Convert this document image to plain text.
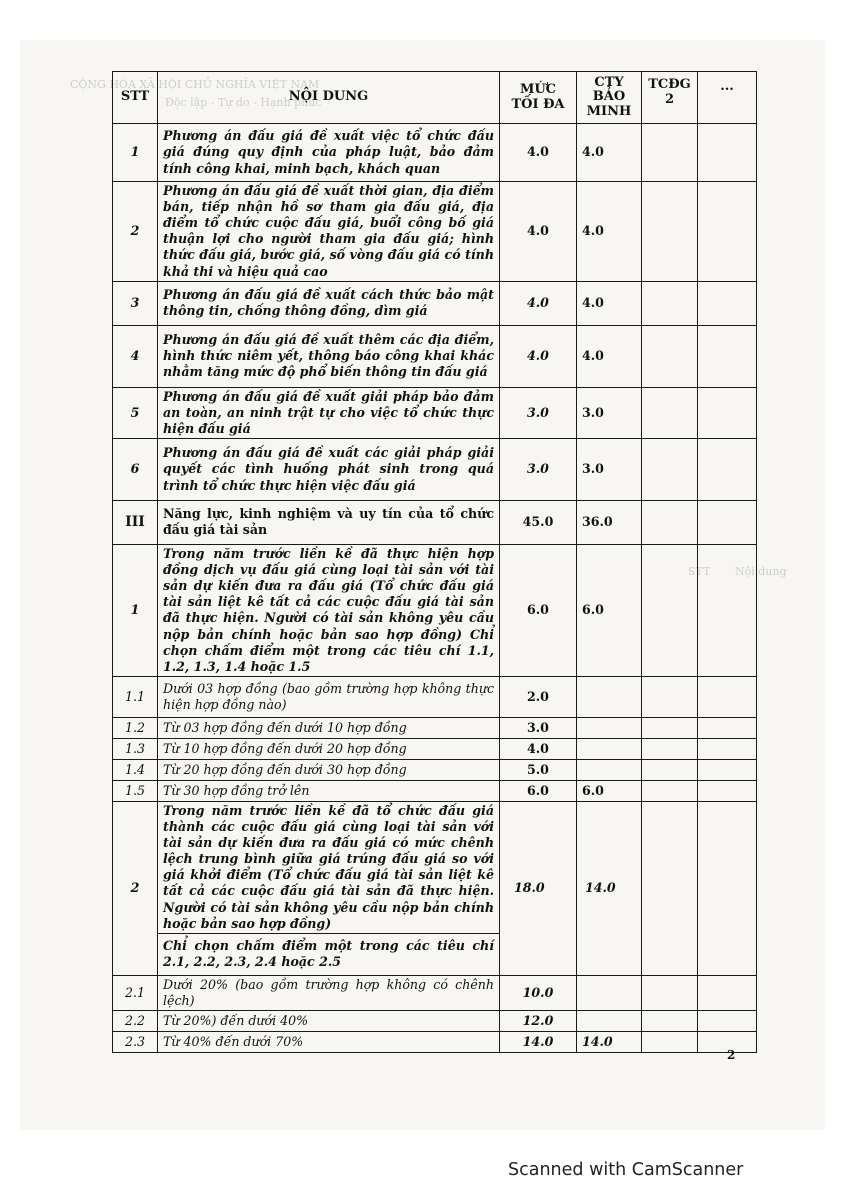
CỘNG HÒA XÃ HỘI CHỦ NGHĨA VIỆT NAM
Độc lập - Tự do - Hạnh phúc
STT Nội dung
STT	NỘI DUNG	MỨC TỐI ĐA	CTY BẢO MINH	TCĐG 2	...
1	Phương án đấu giá đề xuất việc tổ chức đấu giá đúng quy định của pháp luật, bảo đảm tính công khai, minh bạch, khách quan	4.0	4.0		
2	Phương án đấu giá đề xuất thời gian, địa điểm bán, tiếp nhận hồ sơ tham gia đấu giá, địa điểm tổ chức cuộc đấu giá, buổi công bố giá thuận lợi cho người tham gia đấu giá; hình thức đấu giá, bước giá, số vòng đấu giá có tính khả thi và hiệu quả cao	4.0	4.0		
3	Phương án đấu giá đề xuất cách thức bảo mật thông tin, chống thông đồng, dìm giá	4.0	4.0		
4	Phương án đấu giá đề xuất thêm các địa điểm, hình thức niêm yết, thông báo công khai khác nhằm tăng mức độ phổ biến thông tin đấu giá	4.0	4.0		
5	Phương án đấu giá đề xuất giải pháp bảo đảm an toàn, an ninh trật tự cho việc tổ chức thực hiện đấu giá	3.0	3.0		
6	Phương án đấu giá đề xuất các giải pháp giải quyết các tình huống phát sinh trong quá trình tổ chức thực hiện việc đấu giá	3.0	3.0		
III	Năng lực, kinh nghiệm và uy tín của tổ chức đấu giá tài sản	45.0	36.0		
1	Trong năm trước liền kề đã thực hiện hợp đồng dịch vụ đấu giá cùng loại tài sản với tài sản dự kiến đưa ra đấu giá (Tổ chức đấu giá tài sản liệt kê tất cả các cuộc đấu giá tài sản đã thực hiện. Người có tài sản không yêu cầu nộp bản chính hoặc bản sao hợp đồng) Chỉ chọn chấm điểm một trong các tiêu chí 1.1, 1.2, 1.3, 1.4 hoặc 1.5	6.0	6.0		
1.1	Dưới 03 hợp đồng (bao gồm trường hợp không thực hiện hợp đồng nào)	2.0			
1.2	Từ 03 hợp đồng đến dưới 10 hợp đồng	3.0			
1.3	Từ 10 hợp đồng đến dưới 20 hợp đồng	4.0			
1.4	Từ 20 hợp đồng đến dưới 30 hợp đồng	5.0			
1.5	Từ 30 hợp đồng trở lên	6.0	6.0		
2	Trong năm trước liền kề đã tổ chức đấu giá thành các cuộc đấu giá cùng loại tài sản với tài sản dự kiến đưa ra đấu giá có mức chênh lệch trung bình giữa giá trúng đấu giá so với giá khởi điểm (Tổ chức đấu giá tài sản liệt kê tất cả các cuộc đấu giá tài sản đã thực hiện. Người có tài sản không yêu cầu nộp bản chính hoặc bản sao hợp đồng)	18.0	14.0		
	Chỉ chọn chấm điểm một trong các tiêu chí 2.1, 2.2, 2.3, 2.4 hoặc 2.5				
2.1	Dưới 20% (bao gồm trường hợp không có chênh lệch)	10.0			
2.2	Từ 20%) đến dưới 40%	12.0			
2.3	Từ 40% đến dưới 70%	14.0	14.0		
2
Scanned with CamScanner
